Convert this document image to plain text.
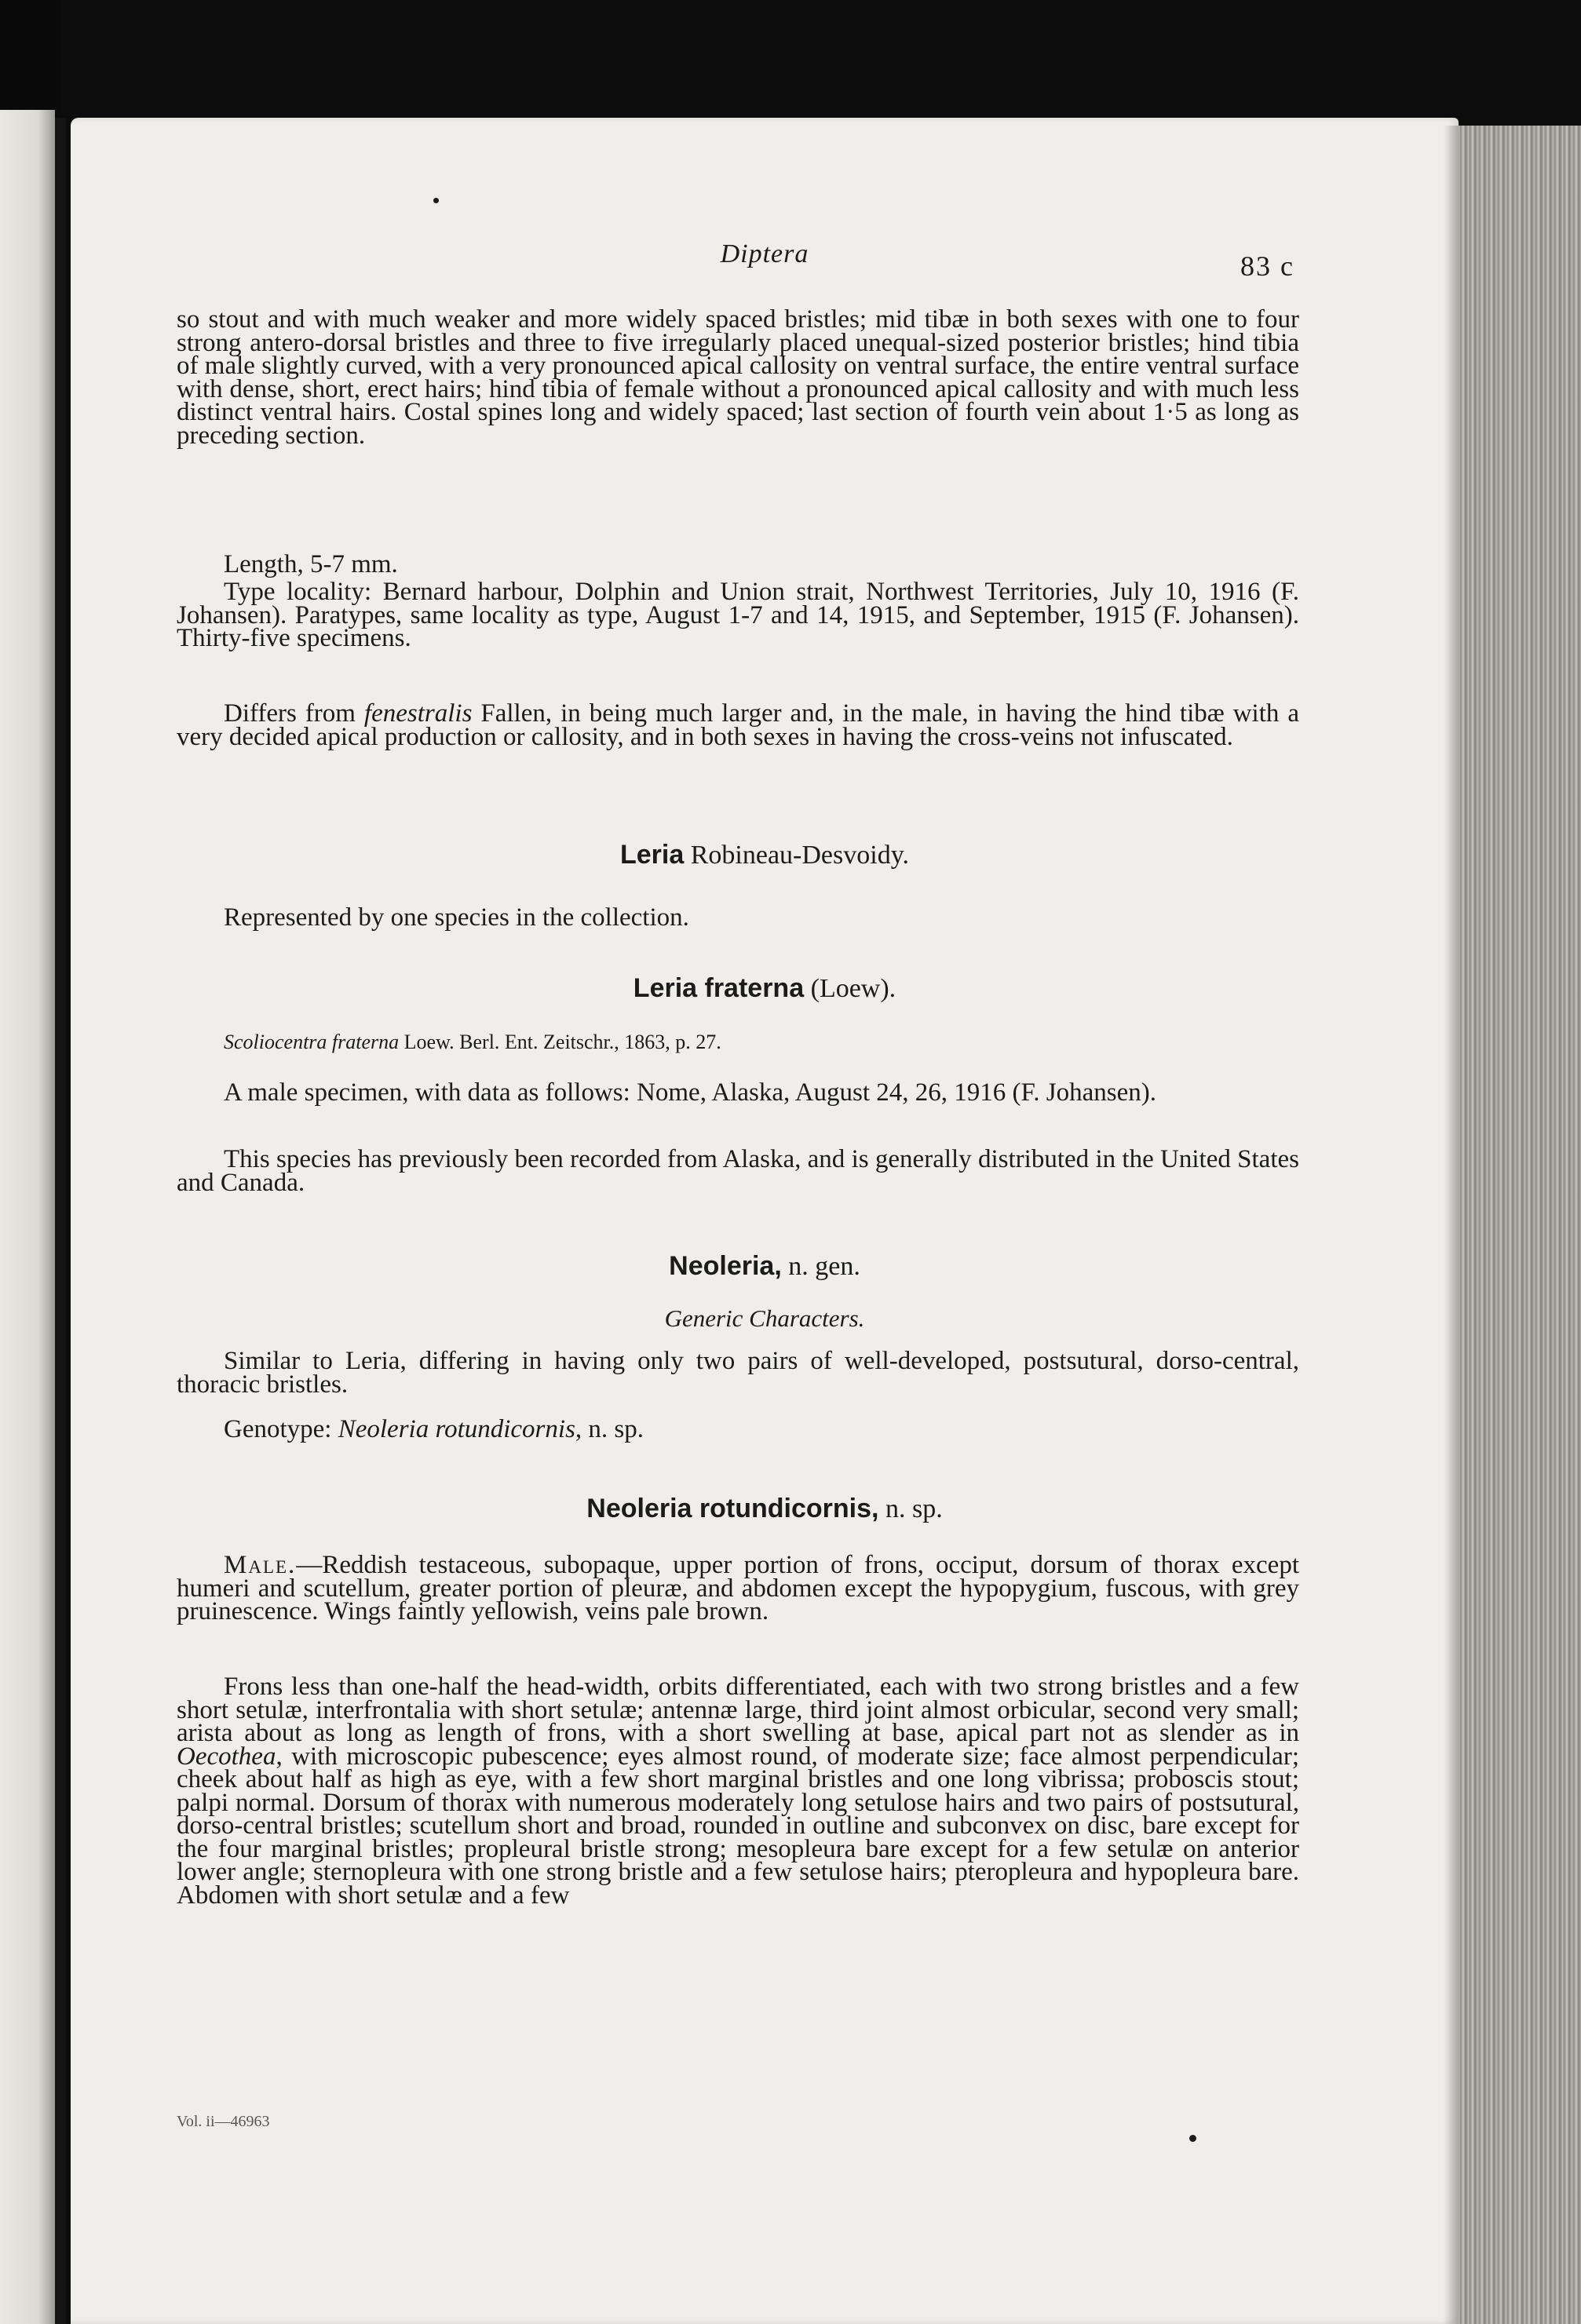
Diptera	83 c

so stout and with much weaker and more widely spaced bristles; mid tibæ in both sexes with one to four strong antero-dorsal bristles and three to five irregularly placed unequal-sized posterior bristles; hind tibia of male slightly curved, with a very pronounced apical callosity on ventral surface, the entire ventral surface with dense, short, erect hairs; hind tibia of female without a pronounced apical callosity and with much less distinct ventral hairs. Costal spines long and widely spaced; last section of fourth vein about 1·5 as long as preceding section.

Length, 5-7 mm.

Type locality: Bernard harbour, Dolphin and Union strait, Northwest Territories, July 10, 1916 (F. Johansen). Paratypes, same locality as type, August 1-7 and 14, 1915, and September, 1915 (F. Johansen). Thirty-five specimens.

Differs from fenestralis Fallen, in being much larger and, in the male, in having the hind tibæ with a very decided apical production or callosity, and in both sexes in having the cross-veins not infuscated.

Leria Robineau-Desvoidy.

Represented by one species in the collection.

Leria fraterna (Loew).

Scoliocentra fraterna Loew. Berl. Ent. Zeitschr., 1863, p. 27.

A male specimen, with data as follows: Nome, Alaska, August 24, 26, 1916 (F. Johansen).

This species has previously been recorded from Alaska, and is generally distributed in the United States and Canada.

Neoleria, n. gen.
Generic Characters.

Similar to Leria, differing in having only two pairs of well-developed, postsutural, dorso-central, thoracic bristles.

Genotype: Neoleria rotundicornis, n. sp.

Neoleria rotundicornis, n. sp.

Male.—Reddish testaceous, subopaque, upper portion of frons, occiput, dorsum of thorax except humeri and scutellum, greater portion of pleuræ, and abdomen except the hypopygium, fuscous, with grey pruinescence. Wings faintly yellowish, veins pale brown.

Frons less than one-half the head-width, orbits differentiated, each with two strong bristles and a few short setulæ, interfrontalia with short setulæ; antennæ large, third joint almost orbicular, second very small; arista about as long as length of frons, with a short swelling at base, apical part not as slender as in Oecothea, with microscopic pubescence; eyes almost round, of moderate size; face almost perpendicular; cheek about half as high as eye, with a few short marginal bristles and one long vibrissa; proboscis stout; palpi normal. Dorsum of thorax with numerous moderately long setulose hairs and two pairs of postsutural, dorso-central bristles; scutellum short and broad, rounded in outline and subconvex on disc, bare except for the four marginal bristles; propleural bristle strong; mesopleura bare except for a few setulæ on anterior lower angle; sternopleura with one strong bristle and a few setulose hairs; pteropleura and hypopleura bare. Abdomen with short setulæ and a few

Vol. ii—46963
